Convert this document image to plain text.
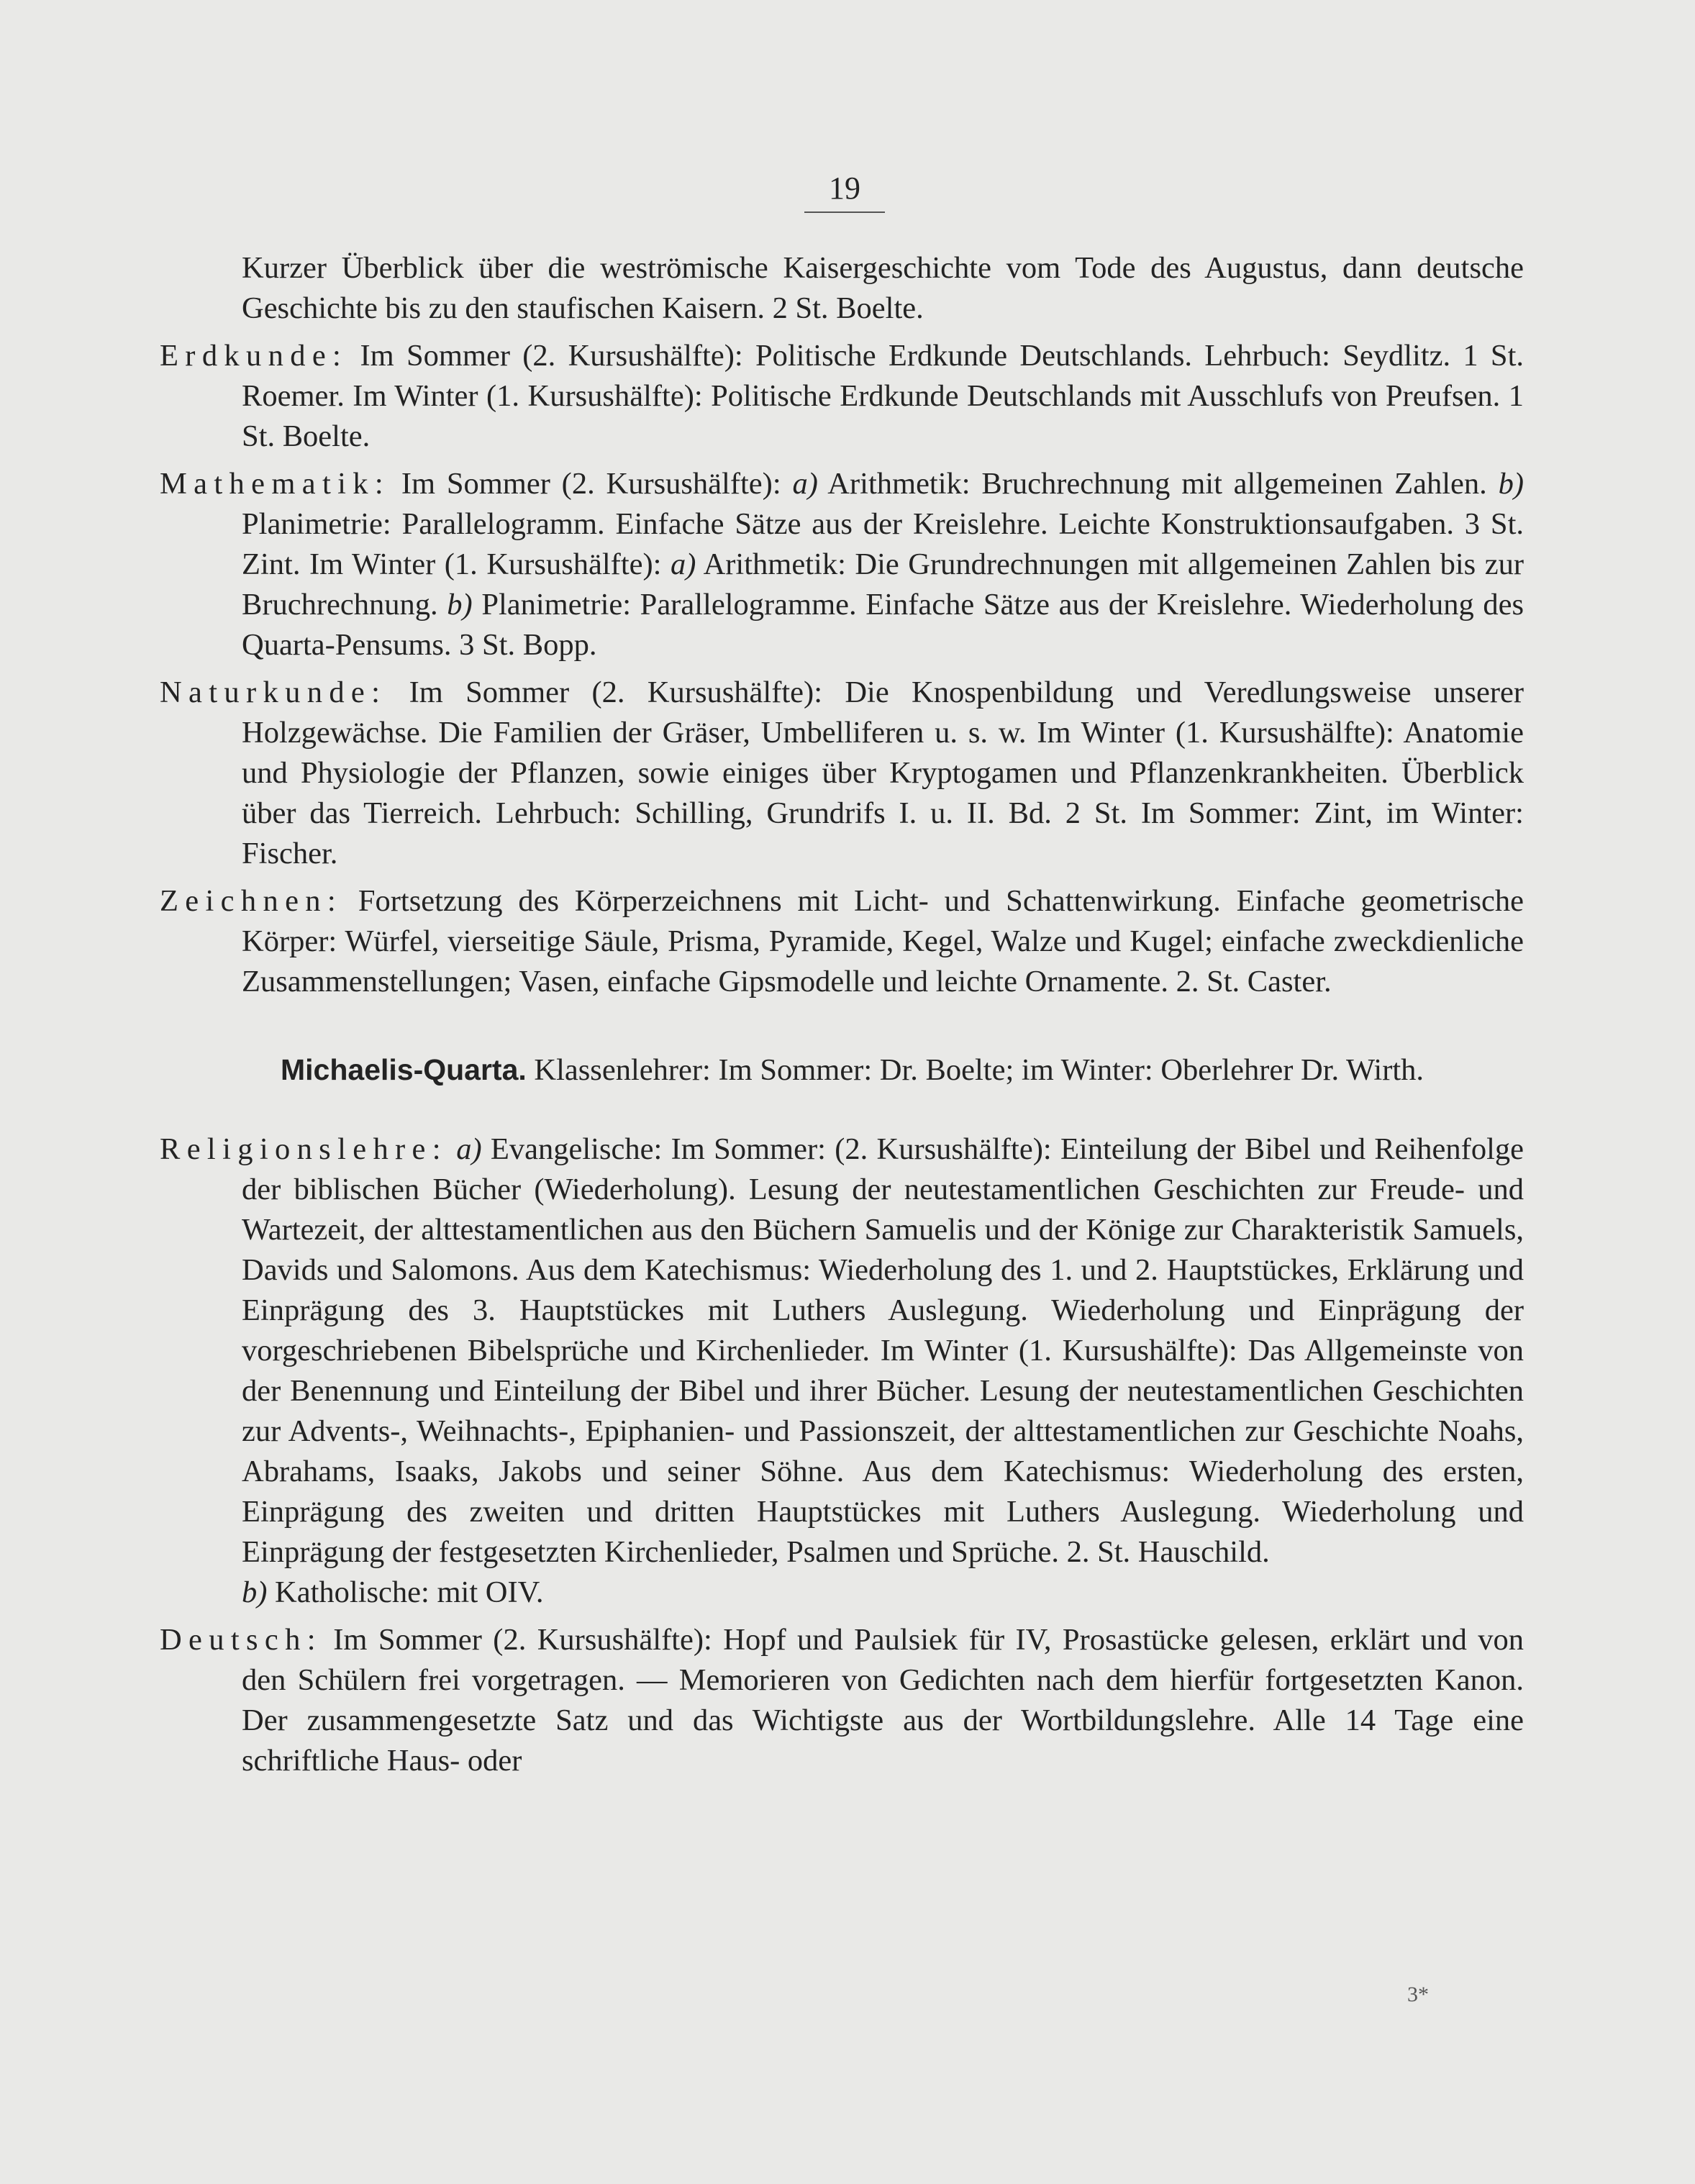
19

Kurzer Überblick über die weströmische Kaisergeschichte vom Tode des Augustus, dann deutsche Geschichte bis zu den staufischen Kaisern. 2 St. Boelte.

Erdkunde: Im Sommer (2. Kursushälfte): Politische Erdkunde Deutschlands. Lehrbuch: Seydlitz. 1 St. Roemer. Im Winter (1. Kursushälfte): Politische Erdkunde Deutschlands mit Ausschlufs von Preufsen. 1 St. Boelte.

Mathematik: Im Sommer (2. Kursushälfte): a) Arithmetik: Bruchrechnung mit allgemeinen Zahlen. b) Planimetrie: Parallelogramm. Einfache Sätze aus der Kreislehre. Leichte Konstruktionsaufgaben. 3 St. Zint. Im Winter (1. Kursushälfte): a) Arithmetik: Die Grundrechnungen mit allgemeinen Zahlen bis zur Bruchrechnung. b) Planimetrie: Parallelogramme. Einfache Sätze aus der Kreislehre. Wiederholung des Quarta-Pensums. 3 St. Bopp.

Naturkunde: Im Sommer (2. Kursushälfte): Die Knospenbildung und Veredlungsweise unserer Holzgewächse. Die Familien der Gräser, Umbelliferen u. s. w. Im Winter (1. Kursushälfte): Anatomie und Physiologie der Pflanzen, sowie einiges über Kryptogamen und Pflanzenkrankheiten. Überblick über das Tierreich. Lehrbuch: Schilling, Grundrifs I. u. II. Bd. 2 St. Im Sommer: Zint, im Winter: Fischer.

Zeichnen: Fortsetzung des Körperzeichnens mit Licht- und Schattenwirkung. Einfache geometrische Körper: Würfel, vierseitige Säule, Prisma, Pyramide, Kegel, Walze und Kugel; einfache zweckdienliche Zusammenstellungen; Vasen, einfache Gipsmodelle und leichte Ornamente. 2. St. Caster.

Michaelis-Quarta. Klassenlehrer: Im Sommer: Dr. Boelte; im Winter: Oberlehrer Dr. Wirth.

Religionslehre: a) Evangelische: Im Sommer: (2. Kursushälfte): Einteilung der Bibel und Reihenfolge der biblischen Bücher (Wiederholung). Lesung der neutestamentlichen Geschichten zur Freude- und Wartezeit, der alttestamentlichen aus den Büchern Samuelis und der Könige zur Charakteristik Samuels, Davids und Salomons. Aus dem Katechismus: Wiederholung des 1. und 2. Hauptstückes, Erklärung und Einprägung des 3. Hauptstückes mit Luthers Auslegung. Wiederholung und Einprägung der vorgeschriebenen Bibelsprüche und Kirchenlieder. Im Winter (1. Kursushälfte): Das Allgemeinste von der Benennung und Einteilung der Bibel und ihrer Bücher. Lesung der neutestamentlichen Geschichten zur Advents-, Weihnachts-, Epiphanien- und Passionszeit, der alttestamentlichen zur Geschichte Noahs, Abrahams, Isaaks, Jakobs und seiner Söhne. Aus dem Katechismus: Wiederholung des ersten, Einprägung des zweiten und dritten Hauptstückes mit Luthers Auslegung. Wiederholung und Einprägung der festgesetzten Kirchenlieder, Psalmen und Sprüche. 2. St. Hauschild.
b) Katholische: mit OIV.

Deutsch: Im Sommer (2. Kursushälfte): Hopf und Paulsiek für IV, Prosastücke gelesen, erklärt und von den Schülern frei vorgetragen. — Memorieren von Gedichten nach dem hierfür fortgesetzten Kanon. Der zusammengesetzte Satz und das Wichtigste aus der Wortbildungslehre. Alle 14 Tage eine schriftliche Haus- oder

3*
